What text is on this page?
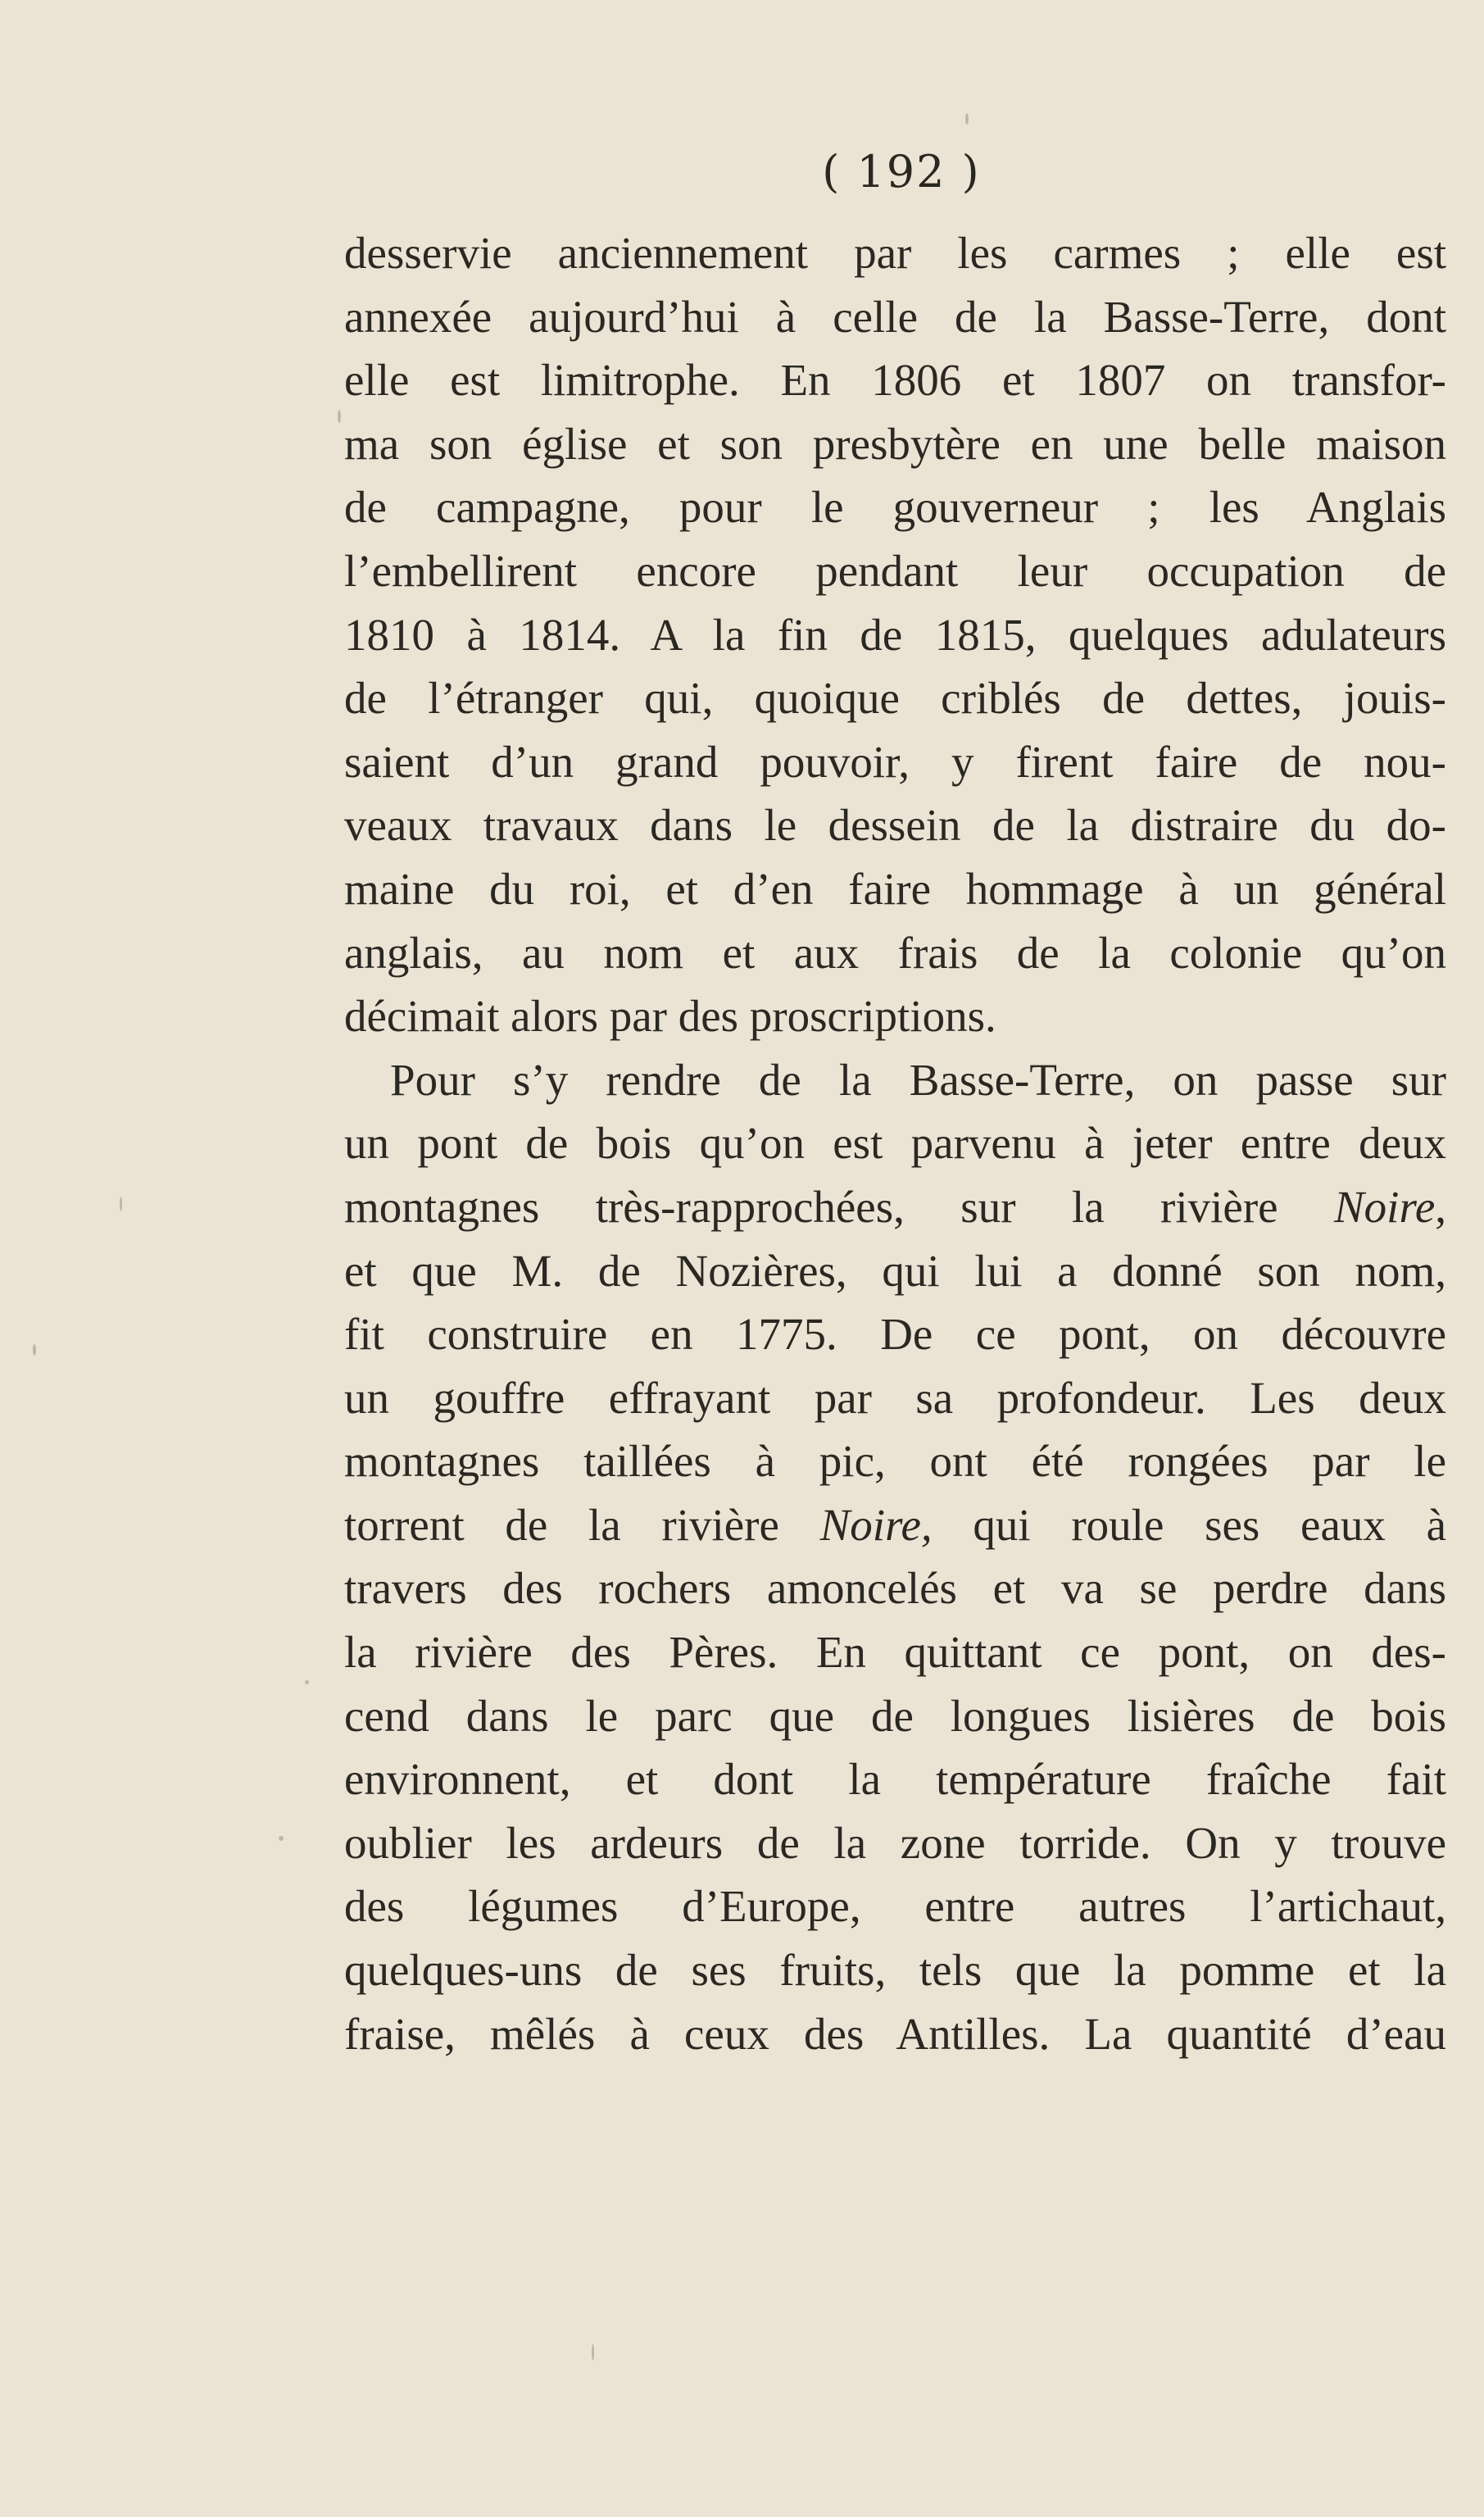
( 192 )
desservie anciennement par les carmes ; elle est
annexée aujourd’hui à celle de la Basse-Terre, dont
elle est limitrophe. En 1806 et 1807 on transfor-
ma son église et son presbytère en une belle maison
de campagne, pour le gouverneur ; les Anglais
l’embellirent encore pendant leur occupation de
1810 à 1814. A la fin de 1815, quelques adulateurs
de l’étranger qui, quoique criblés de dettes, jouis-
saient d’un grand pouvoir, y firent faire de nou-
veaux travaux dans le dessein de la distraire du do-
maine du roi, et d’en faire hommage à un général
anglais, au nom et aux frais de la colonie qu’on
décimait alors par des proscriptions.
Pour s’y rendre de la Basse-Terre, on passe sur
un pont de bois qu’on est parvenu à jeter entre deux
montagnes très-rapprochées, sur la rivière Noire,
et que M. de Nozières, qui lui a donné son nom,
fit construire en 1775. De ce pont, on découvre
un gouffre effrayant par sa profondeur. Les deux
montagnes taillées à pic, ont été rongées par le
torrent de la rivière Noire, qui roule ses eaux à
travers des rochers amoncelés et va se perdre dans
la rivière des Pères. En quittant ce pont, on des-
cend dans le parc que de longues lisières de bois
environnent, et dont la température fraîche fait
oublier les ardeurs de la zone torride. On y trouve
des légumes d’Europe, entre autres l’artichaut,
quelques-uns de ses fruits, tels que la pomme et la
fraise, mêlés à ceux des Antilles. La quantité d’eau
